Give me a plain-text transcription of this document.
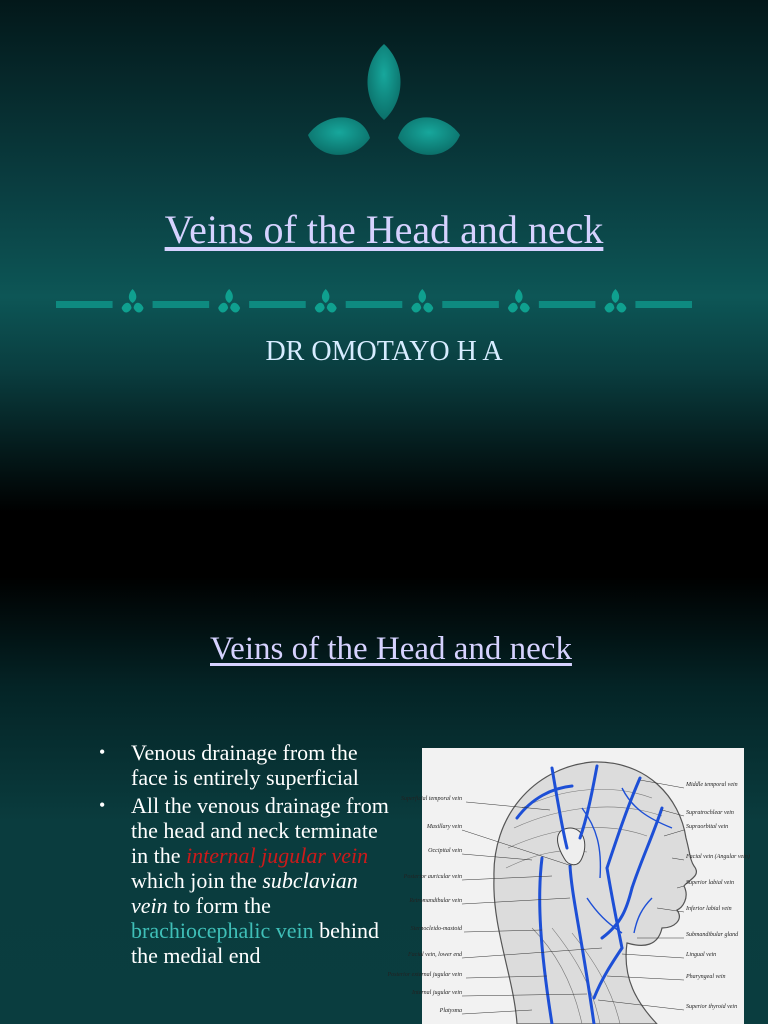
Veins of the Head and neck
DR OMOTAYO H A
Veins of the Head and neck
• Venous drainage from the face is entirely superficial
• All the venous drainage from the head and neck terminate in the internal jugular vein which join the subclavian vein to form the brachiocephalic vein behind the medial end
Superficial temporal vein
Maxillary vein
Occipital vein
Posterior auricular vein
Retromandibular vein
Sternocleido-mastoid
Facial vein, lower end
Posterior external jugular vein
Internal jugular vein
Platysma
Middle temporal vein
Supratrochlear vein
Supraorbital vein
Facial vein (Angular vein)
Superior labial vein
Inferior labial vein
Submandibular gland
Lingual vein
Pharyngeal vein
Superior thyroid vein
